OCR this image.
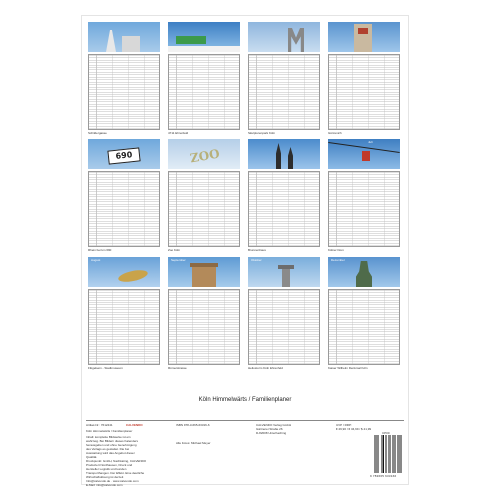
Schildergasse	4711 Ehrenfeld	Skulpturenpark Köln	Gürzenich
690
Rhein bei km 690
ZOO
Zoo Köln	Brunnenhaus
Juli
Kölner Dom
August
Flügelsein - Stadtmuseum
September
Römerstrasse
Oktober
Heliosturm Köln Ehrenfeld
Dezember
Kaiser Wilhelm Denkmal Köln
Köln Himmelwärts / Familienplaner
Artikel-Nr.: 7612441
Köln Himmelwärts / Familienplaner
Inhalt: komplette Bildwerke ist ein
wahrzeig. Bei Bildern dieses Kalenders
herausgeben und ohne Genehmigung
des Verlags es gestattet. Die bei
Ausstattung wird das Angebot dieser
Qualität.
Druckpunkt: GmbH, Nachkating, CALVENDO
Produziert Nordhausen, Druck und
Hersteller Logistik und kunden
Transporthangen. Der Effekt. Eine deutliche
Wirtschaftslösung ist derzeit
Info@calvendo.de · www.calvendo.com
E-Mail: info@calvendo.com
CALVENDO	ISBN 978-3-665-63316-6
Alle Fotos: Michael Meyer
CALVENDO Verlag GmbH
Gärtnerei Straße 26
D-82008 Unterhaching
UVP / RRP:
€ 29,90 / € 34,99 / $ 41,99
CP00
9 783665 633166
